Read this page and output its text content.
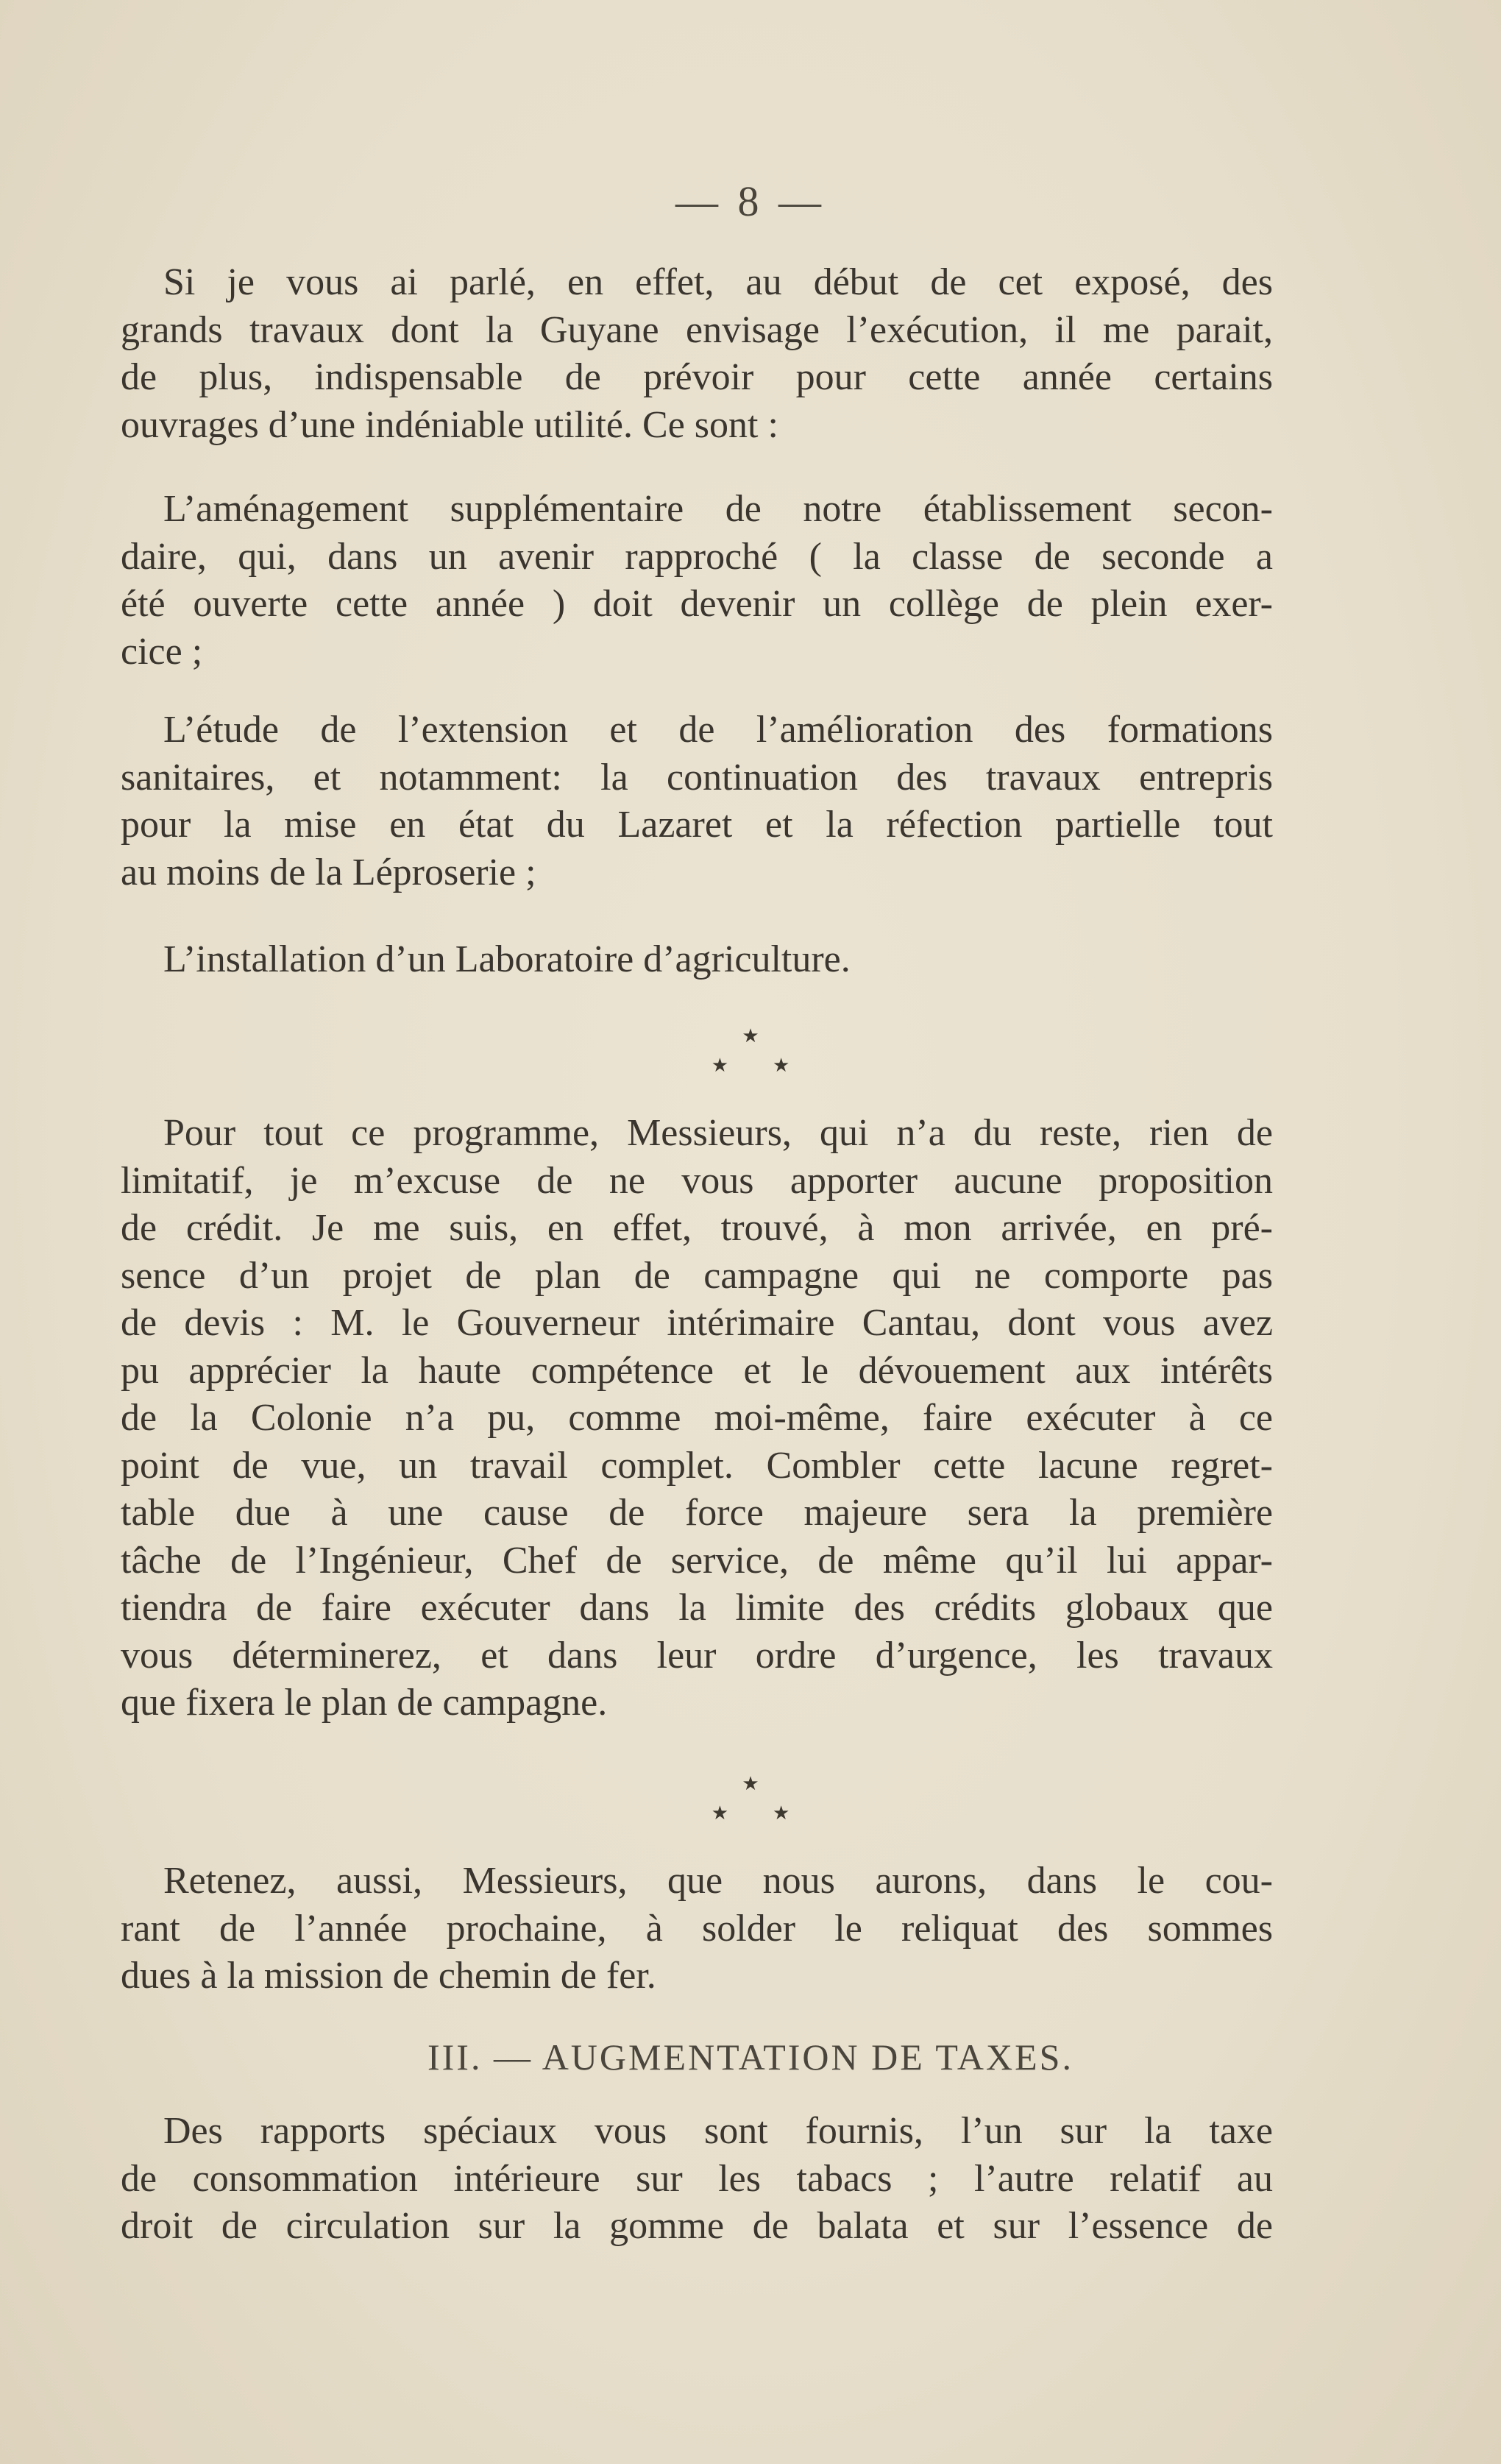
— 8 —

Si je vous ai parlé, en effet, au début de cet exposé, des
grands travaux dont la Guyane envisage l’exécution, il me parait,
de plus, indispensable de prévoir pour cette année certains
ouvrages d’une indéniable utilité. Ce sont :

L’aménagement supplémentaire de notre établissement secon-
daire, qui, dans un avenir rapproché ( la classe de seconde a
été ouverte cette année ) doit devenir un collège de plein exer-
cice ;

L’étude de l’extension et de l’amélioration des formations
sanitaires, et notamment: la continuation des travaux entrepris
pour la mise en état du Lazaret et la réfection partielle tout
au moins de la Léproserie ;

L’installation d’un Laboratoire d’agriculture.

★
★★

Pour tout ce programme, Messieurs, qui n’a du reste, rien de
limitatif, je m’excuse de ne vous apporter aucune proposition
de crédit. Je me suis, en effet, trouvé, à mon arrivée, en pré-
sence d’un projet de plan de campagne qui ne comporte pas
de devis : M. le Gouverneur intérimaire Cantau, dont vous avez
pu apprécier la haute compétence et le dévouement aux intérêts
de la Colonie n’a pu, comme moi-même, faire exécuter à ce
point de vue, un travail complet. Combler cette lacune regret-
table due à une cause de force majeure sera la première
tâche de l’Ingénieur, Chef de service, de même qu’il lui appar-
tiendra de faire exécuter dans la limite des crédits globaux que
vous déterminerez, et dans leur ordre d’urgence, les travaux
que fixera le plan de campagne.

★
★★

Retenez, aussi, Messieurs, que nous aurons, dans le cou-
rant de l’année prochaine, à solder le reliquat des sommes
dues à la mission de chemin de fer.

III. — AUGMENTATION DE TAXES.

Des rapports spéciaux vous sont fournis, l’un sur la taxe
de consommation intérieure sur les tabacs ; l’autre relatif au
droit de circulation sur la gomme de balata et sur l’essence de
